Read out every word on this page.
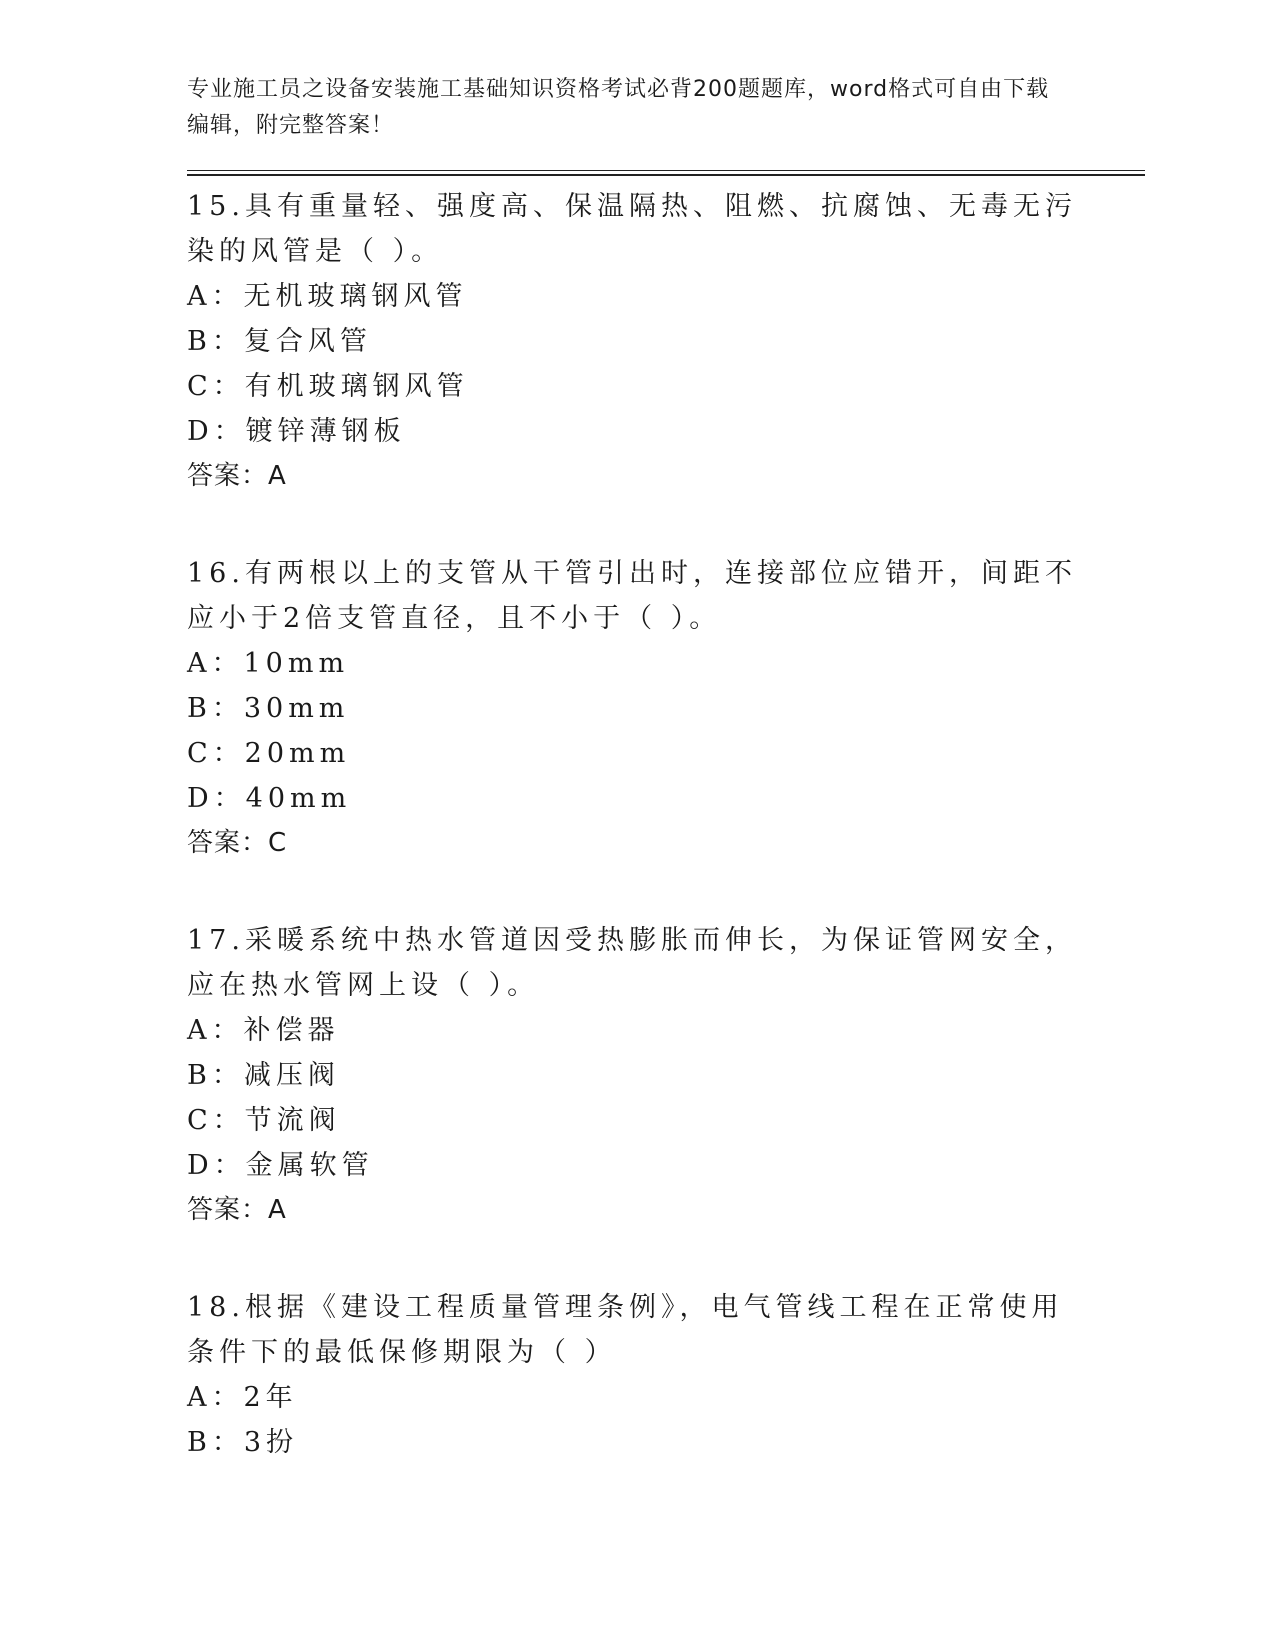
专业施工员之设备安装施工基础知识资格考试必背200题题库，word格式可自由下载编辑，附完整答案！
15.具有重量轻、强度高、保温隔热、阻燃、抗腐蚀、无毒无污染的风管是（ ）。
A：无机玻璃钢风管
B：复合风管
C：有机玻璃钢风管
D：镀锌薄钢板
答案：A
16.有两根以上的支管从干管引出时，连接部位应错开，间距不应小于2倍支管直径，且不小于（ ）。
A：10mm
B：30mm
C：20mm
D：40mm
答案：C
17.采暖系统中热水管道因受热膨胀而伸长，为保证管网安全，应在热水管网上设（ ）。
A：补偿器
B：减压阀
C：节流阀
D：金属软管
答案：A
18.根据《建设工程质量管理条例》，电气管线工程在正常使用条件下的最低保修期限为（ ）
A：2年
B：3扮
